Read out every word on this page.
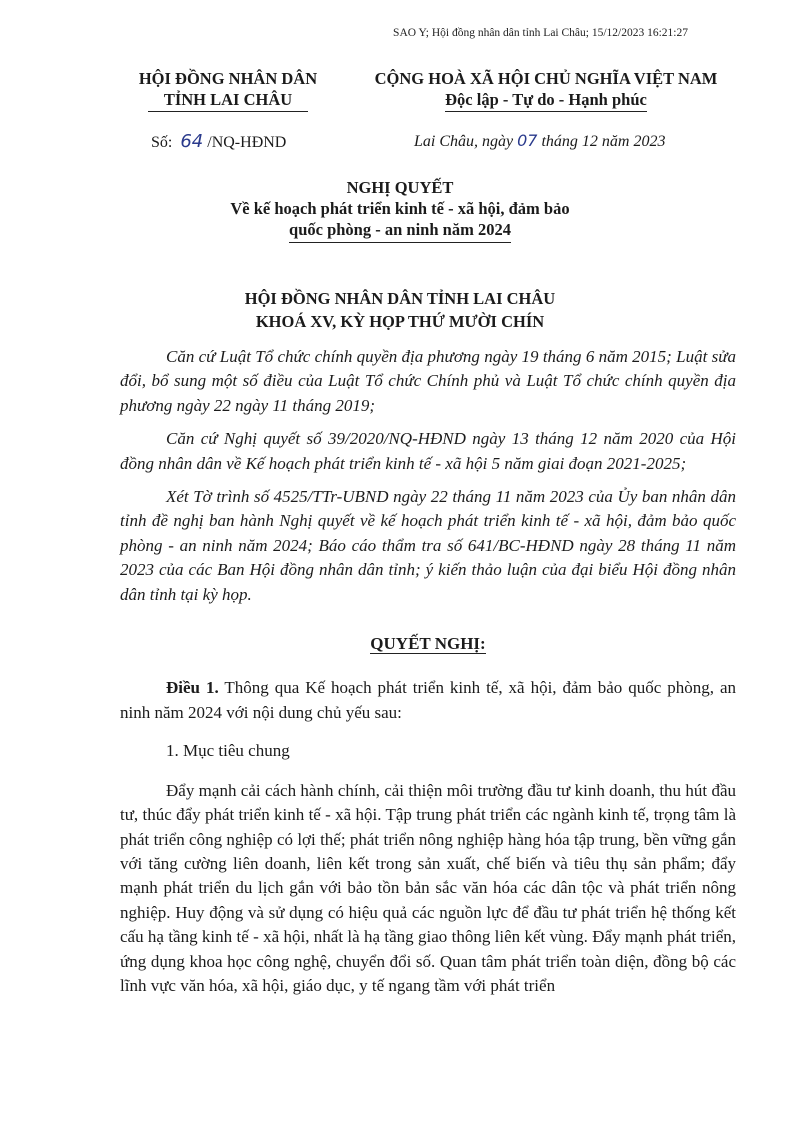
SAO Y; Hội đồng nhân dân tỉnh Lai Châu; 15/12/2023 16:21:27
HỘI ĐỒNG NHÂN DÂN
TỈNH LAI CHÂU
CỘNG HOÀ XÃ HỘI CHỦ NGHĨA VIỆT NAM
Độc lập - Tự do - Hạnh phúc
Số: 64 /NQ-HĐND	Lai Châu, ngày 07 tháng 12 năm 2023
NGHỊ QUYẾT
Về kế hoạch phát triển kinh tế - xã hội, đảm bảo
quốc phòng - an ninh năm 2024
HỘI ĐỒNG NHÂN DÂN TỈNH LAI CHÂU
KHOÁ XV, KỲ HỌP THỨ MƯỜI CHÍN

Căn cứ Luật Tổ chức chính quyền địa phương ngày 19 tháng 6 năm 2015; Luật sửa đổi, bổ sung một số điều của Luật Tổ chức Chính phủ và Luật Tổ chức chính quyền địa phương ngày 22 ngày 11 tháng 2019;

Căn cứ Nghị quyết số 39/2020/NQ-HĐND ngày 13 tháng 12 năm 2020 của Hội đồng nhân dân về Kế hoạch phát triển kinh tế - xã hội 5 năm giai đoạn 2021-2025;

Xét Tờ trình số 4525/TTr-UBND ngày 22 tháng 11 năm 2023 của Ủy ban nhân dân tỉnh đề nghị ban hành Nghị quyết về kế hoạch phát triển kinh tế - xã hội, đảm bảo quốc phòng - an ninh năm 2024; Báo cáo thẩm tra số 641/BC-HĐND ngày 28 tháng 11 năm 2023 của các Ban Hội đồng nhân dân tỉnh; ý kiến thảo luận của đại biểu Hội đồng nhân dân tỉnh tại kỳ họp.

QUYẾT NGHỊ:

Điều 1. Thông qua Kế hoạch phát triển kinh tế, xã hội, đảm bảo quốc phòng, an ninh năm 2024 với nội dung chủ yếu sau:

1. Mục tiêu chung

Đẩy mạnh cải cách hành chính, cải thiện môi trường đầu tư kinh doanh, thu hút đầu tư, thúc đẩy phát triển kinh tế - xã hội. Tập trung phát triển các ngành kinh tế, trọng tâm là phát triển công nghiệp có lợi thế; phát triển nông nghiệp hàng hóa tập trung, bền vững gắn với tăng cường liên doanh, liên kết trong sản xuất, chế biến và tiêu thụ sản phẩm; đẩy mạnh phát triển du lịch gắn với bảo tồn bản sắc văn hóa các dân tộc và phát triển nông nghiệp. Huy động và sử dụng có hiệu quả các nguồn lực để đầu tư phát triển hệ thống kết cấu hạ tầng kinh tế - xã hội, nhất là hạ tầng giao thông liên kết vùng. Đẩy mạnh phát triển, ứng dụng khoa học công nghệ, chuyển đổi số. Quan tâm phát triển toàn diện, đồng bộ các lĩnh vực văn hóa, xã hội, giáo dục, y tế ngang tầm với phát triển
